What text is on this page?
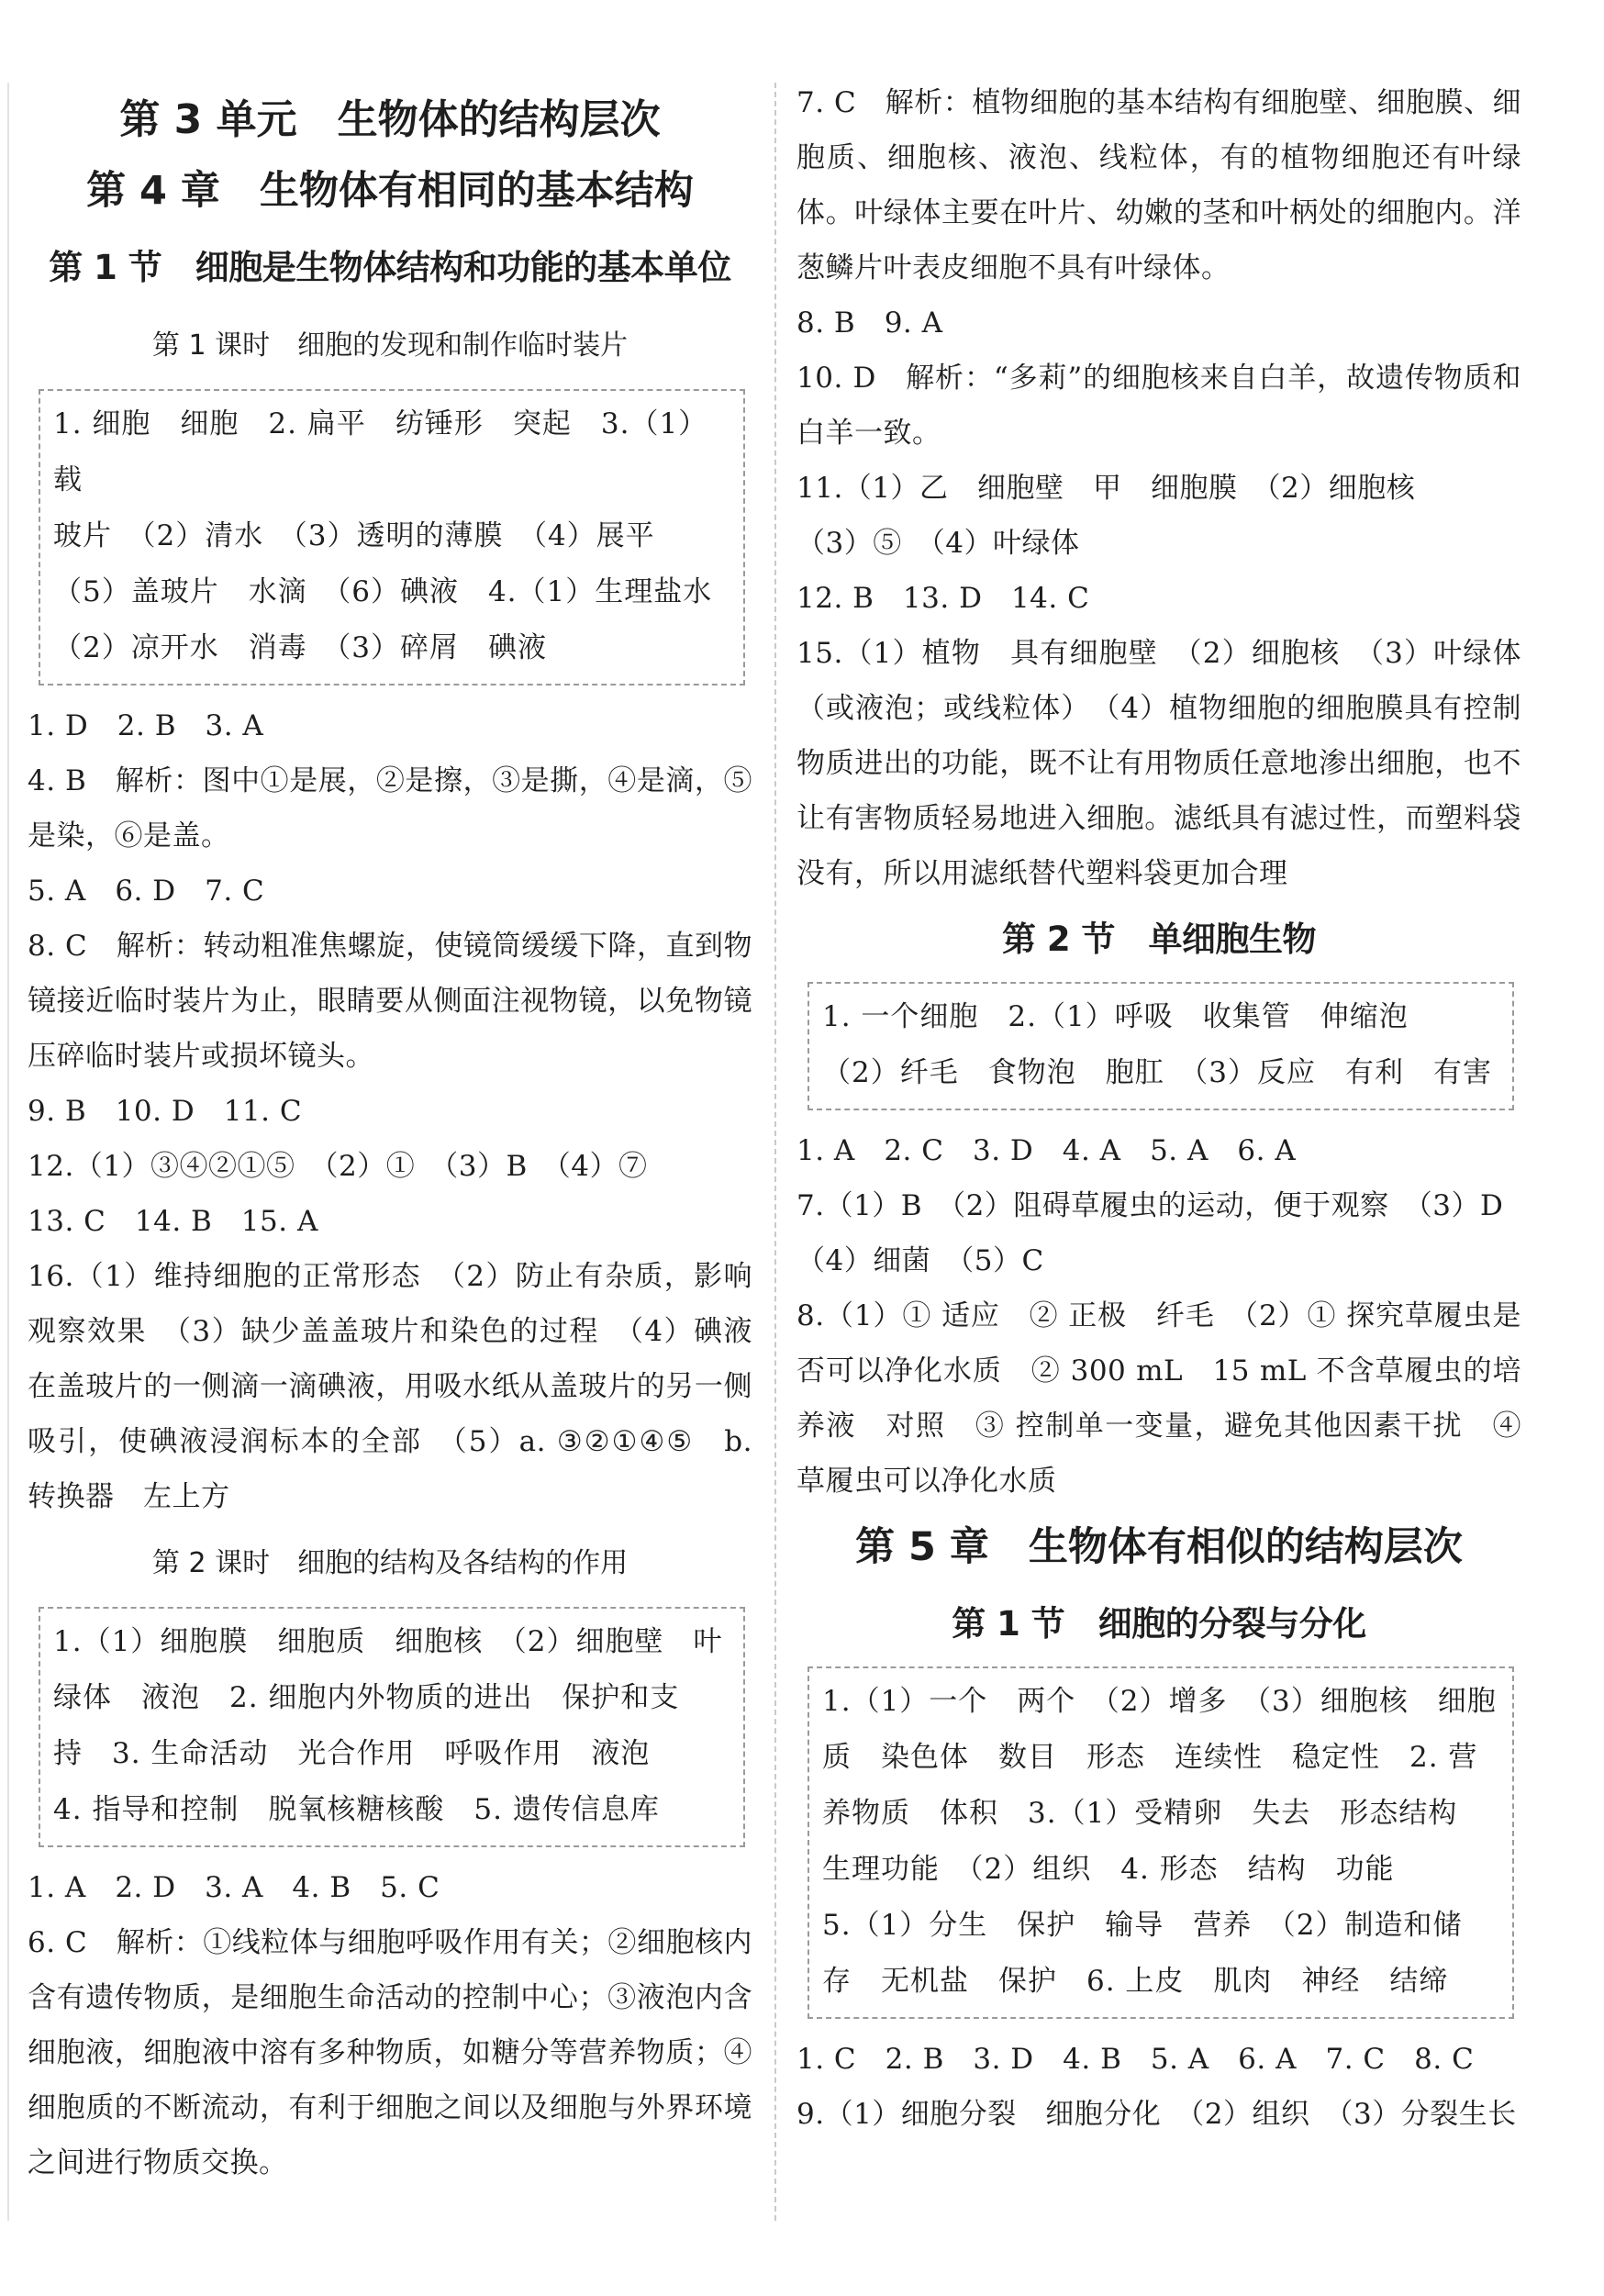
第 3 单元　生物体的结构层次
第 4 章　生物体有相同的基本结构
第 1 节　细胞是生物体结构和功能的基本单位
第 1 课时　细胞的发现和制作临时装片
1. 细胞　细胞　2. 扁平　纺锤形　突起　3.（1）载
玻片　（2）清水　（3）透明的薄膜　（4）展平
（5）盖玻片　水滴　（6）碘液　4.（1）生理盐水
（2）凉开水　消毒　（3）碎屑　碘液
1. D　2. B　3. A
4. B　解析：图中①是展，②是擦，③是撕，④是滴，⑤是染，⑥是盖。
5. A　6. D　7. C
8. C　解析：转动粗准焦螺旋，使镜筒缓缓下降，直到物镜接近临时装片为止，眼睛要从侧面注视物镜，以免物镜压碎临时装片或损坏镜头。
9. B　10. D　11. C
12.（1）③④②①⑤　（2）①　（3）B　（4）⑦
13. C　14. B　15. A
16.（1）维持细胞的正常形态　（2）防止有杂质，影响观察效果　（3）缺少盖盖玻片和染色的过程　（4）碘液　在盖玻片的一侧滴一滴碘液，用吸水纸从盖玻片的另一侧吸引，使碘液浸润标本的全部　（5）a. ③②①④⑤　b. 转换器　左上方
第 2 课时　细胞的结构及各结构的作用
1.（1）细胞膜　细胞质　细胞核　（2）细胞壁　叶
绿体　液泡　2. 细胞内外物质的进出　保护和支
持　3. 生命活动　光合作用　呼吸作用　液泡
4. 指导和控制　脱氧核糖核酸　5. 遗传信息库
1. A　2. D　3. A　4. B　5. C
6. C　解析：①线粒体与细胞呼吸作用有关；②细胞核内含有遗传物质，是细胞生命活动的控制中心；③液泡内含细胞液，细胞液中溶有多种物质，如糖分等营养物质；④细胞质的不断流动，有利于细胞之间以及细胞与外界环境之间进行物质交换。
7. C　解析：植物细胞的基本结构有细胞壁、细胞膜、细胞质、细胞核、液泡、线粒体，有的植物细胞还有叶绿体。叶绿体主要在叶片、幼嫩的茎和叶柄处的细胞内。洋葱鳞片叶表皮细胞不具有叶绿体。
8. B　9. A
10. D　解析：“多莉”的细胞核来自白羊，故遗传物质和白羊一致。
11.（1）乙　细胞壁　甲　细胞膜　（2）细胞核
（3）⑤　（4）叶绿体
12. B　13. D　14. C
15.（1）植物　具有细胞壁　（2）细胞核　（3）叶绿体（或液泡；或线粒体）　（4）植物细胞的细胞膜具有控制物质进出的功能，既不让有用物质任意地渗出细胞，也不让有害物质轻易地进入细胞。滤纸具有滤过性，而塑料袋没有，所以用滤纸替代塑料袋更加合理
第 2 节　单细胞生物
1. 一个细胞　2.（1）呼吸　收集管　伸缩泡
（2）纤毛　食物泡　胞肛　（3）反应　有利　有害
1. A　2. C　3. D　4. A　5. A　6. A
7.（1）B　（2）阻碍草履虫的运动，便于观察　（3）D
（4）细菌　（5）C
8.（1）① 适应　② 正极　纤毛　（2）① 探究草履虫是否可以净化水质　② 300 mL　15 mL 不含草履虫的培养液　对照　③ 控制单一变量，避免其他因素干扰　④ 草履虫可以净化水质
第 5 章　生物体有相似的结构层次
第 1 节　细胞的分裂与分化
1.（1）一个　两个　（2）增多　（3）细胞核　细胞
质　染色体　数目　形态　连续性　稳定性　2. 营
养物质　体积　3.（1）受精卵　失去　形态结构
生理功能　（2）组织　4. 形态　结构　功能
5.（1）分生　保护　输导　营养　（2）制造和储
存　无机盐　保护　6. 上皮　肌肉　神经　结缔
1. C　2. B　3. D　4. B　5. A　6. A　7. C　8. C
9.（1）细胞分裂　细胞分化　（2）组织　（3）分裂生长
